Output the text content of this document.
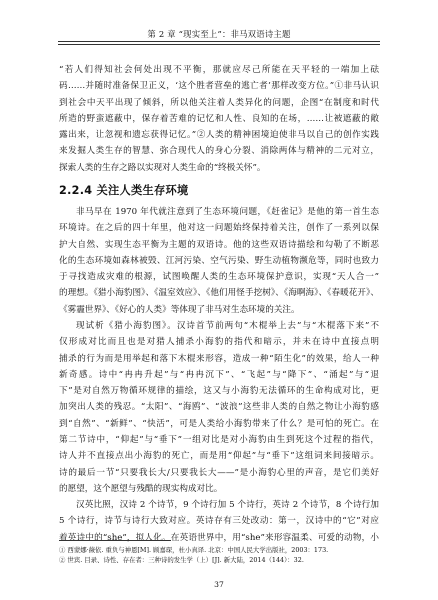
第 2 章 “现实至上”：非马双语诗主题
“若人们得知社会何处出现不平衡，那就应尽己所能在天平轻的一端加上砝
码……并随时准备保卫正义，‘这个胜者营垒的逃亡者’那样改变方位。”①非马认识
到社会中天平出现了倾斜，所以他关注着人类异化的问题，企图“在制度和时代
所造的野蛮遮蔽中，保存着苦难的记忆和人性、良知的在场，……让被遮蔽的敞
露出来，让忽视和遗忘获得记忆。”②人类的精神困境迫使非马以自己的创作实践
来发掘人类生存的智慧、弥合现代人的身心分裂、消除两体与精神的二元对立，
探索人类的生存之路以实现对人类生命的“终极关怀”。
2.2.4 关注人类生存环境
非马早在 1970 年代就注意到了生态环境问题，《赶雀记》是他的第一首生态
环境诗。在之后的四十年里，他对这一问题始终保持着关注，创作了一系列以保
护大自然、实现生态平衡为主题的双语诗。他的这些双语诗描绘和勾勒了不断恶
化的生态环境如森林被毁、江河污染、空气污染、野生动植物濒危等，同时也致力
于寻找造成灾难的根源，试图唤醒人类的生态环境保护意识，实现“天人合一”
的理想。《猎小海豹图》、《温室效应》、《他们用怪手挖树》、《海啊海》、《春暖花开》、
《雾霾世界》、《好心的人类》等体现了非马对生态环境的关注。
现试析《猎小海豹图》。汉诗首节前两句“木棍举上去”与“木棍落下来”不
仅形成对比而且也是对猎人捕杀小海豹的指代和暗示，并未在诗中直接点明
捕杀的行为而是用举起和落下木棍来形容，造成一种“陌生化”的效果，给人一种
新奇感。诗中“冉冉升起”与“冉冉沉下”、“飞起”与“降下”、“涌起”与“退
下”是对自然万物循环规律的描绘，这又与小海豹无法循环的生命构成对比，更
加突出人类的残忍。“太阳”、“海鸥”、“波浪”这些非人类的自然之物让小海豹感
到“自然”、“新鲜”、“快活”，可是人类给小海豹带来了什么？是可怕的死亡。在
第二节诗中，“仰起”与“垂下”一组对比是对小海豹由生到死这个过程的指代，
诗人并不直接点出小海豹的死亡，而是用“仰起”与“垂下”这组词来间接暗示。
诗的最后一节“只要我长大/只要我长大——”是小海豹心里的声音，是它们美好
的愿望，这个愿望与残酷的现实构成对比。
汉英比照，汉诗 2 个诗节，9 个诗行加 5 个诗行，英诗 2 个诗节，8 个诗行加
5 个诗行，诗节与诗行大致对应。英诗存有三处改动：第一，汉诗中的“它”对应
着英诗中的“she”，拟人化。在英语世界中，用“she”来形容温柔、可爱的动物，小
① 西蒙娜·薇依. 重负与神恩[M]. 顾嘉琛，杜小真译. 北京：中国人民大学出版社，2003：173.
② 世宾. 目录、诗性、存在者：三种诗的发生学（上）[J]. 新大陆，2014（144）：32.
37
